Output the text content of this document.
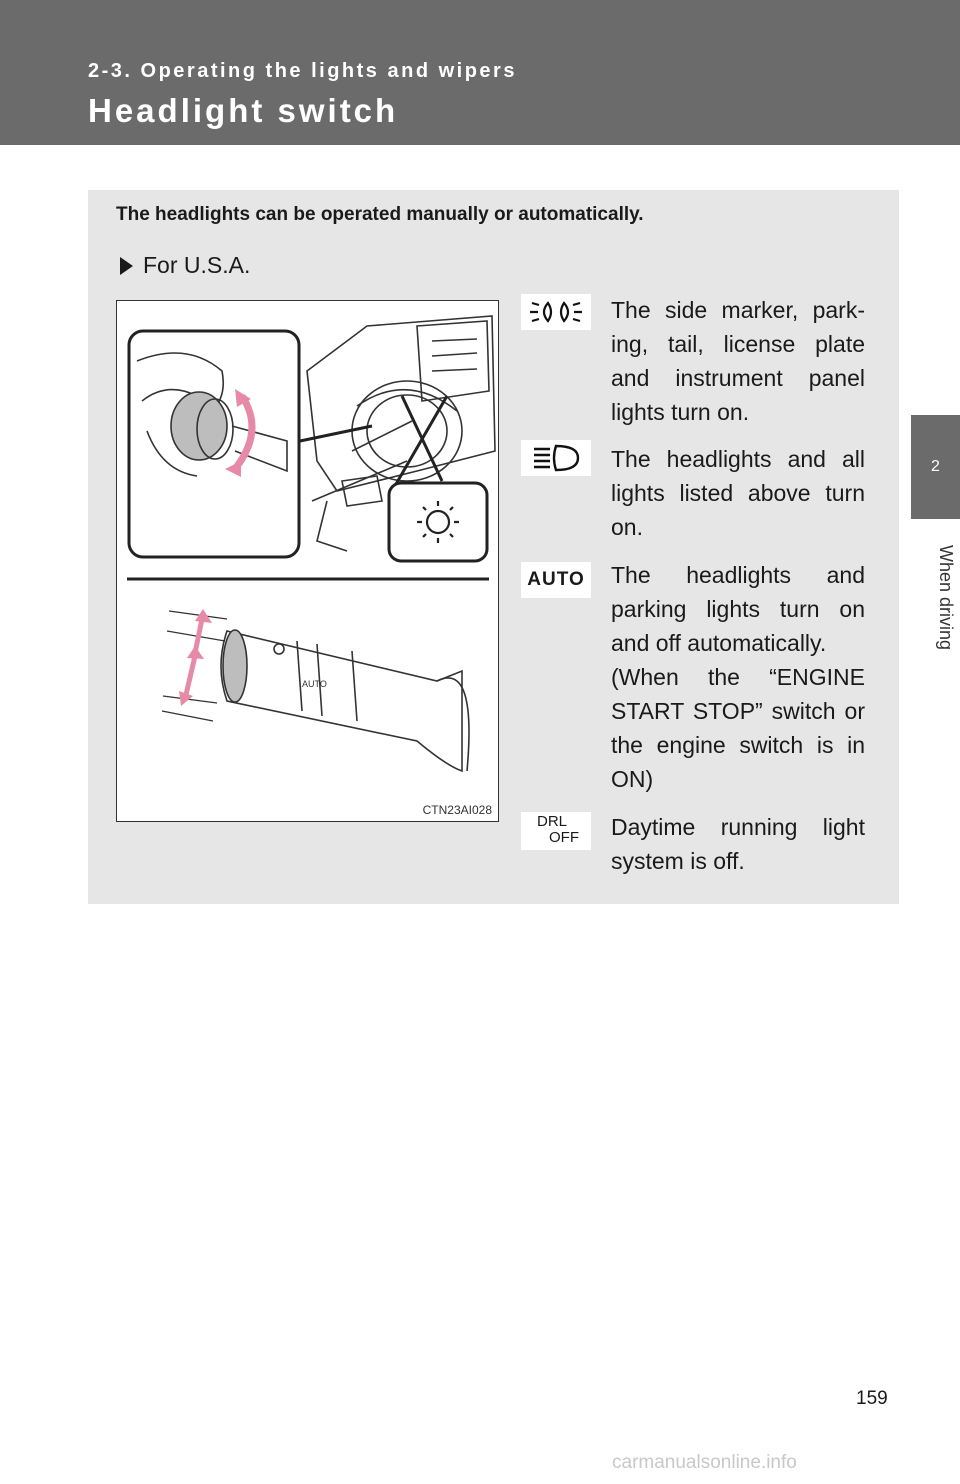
2-3. Operating the lights and wipers
Headlight switch
2
When driving
The headlights can be operated manually or automatically.
For U.S.A.
AUTO
CTN23AI028
The side marker, park-ing, tail, license plate and instrument panel lights turn on.
The headlights and all lights listed above turn on.
AUTO The headlights and parking lights turn on and off automatically.
(When the “ENGINE START STOP” switch or the engine switch is in ON)
DRL
OFF	Daytime running light system is off.
159
carmanualsonline.info
